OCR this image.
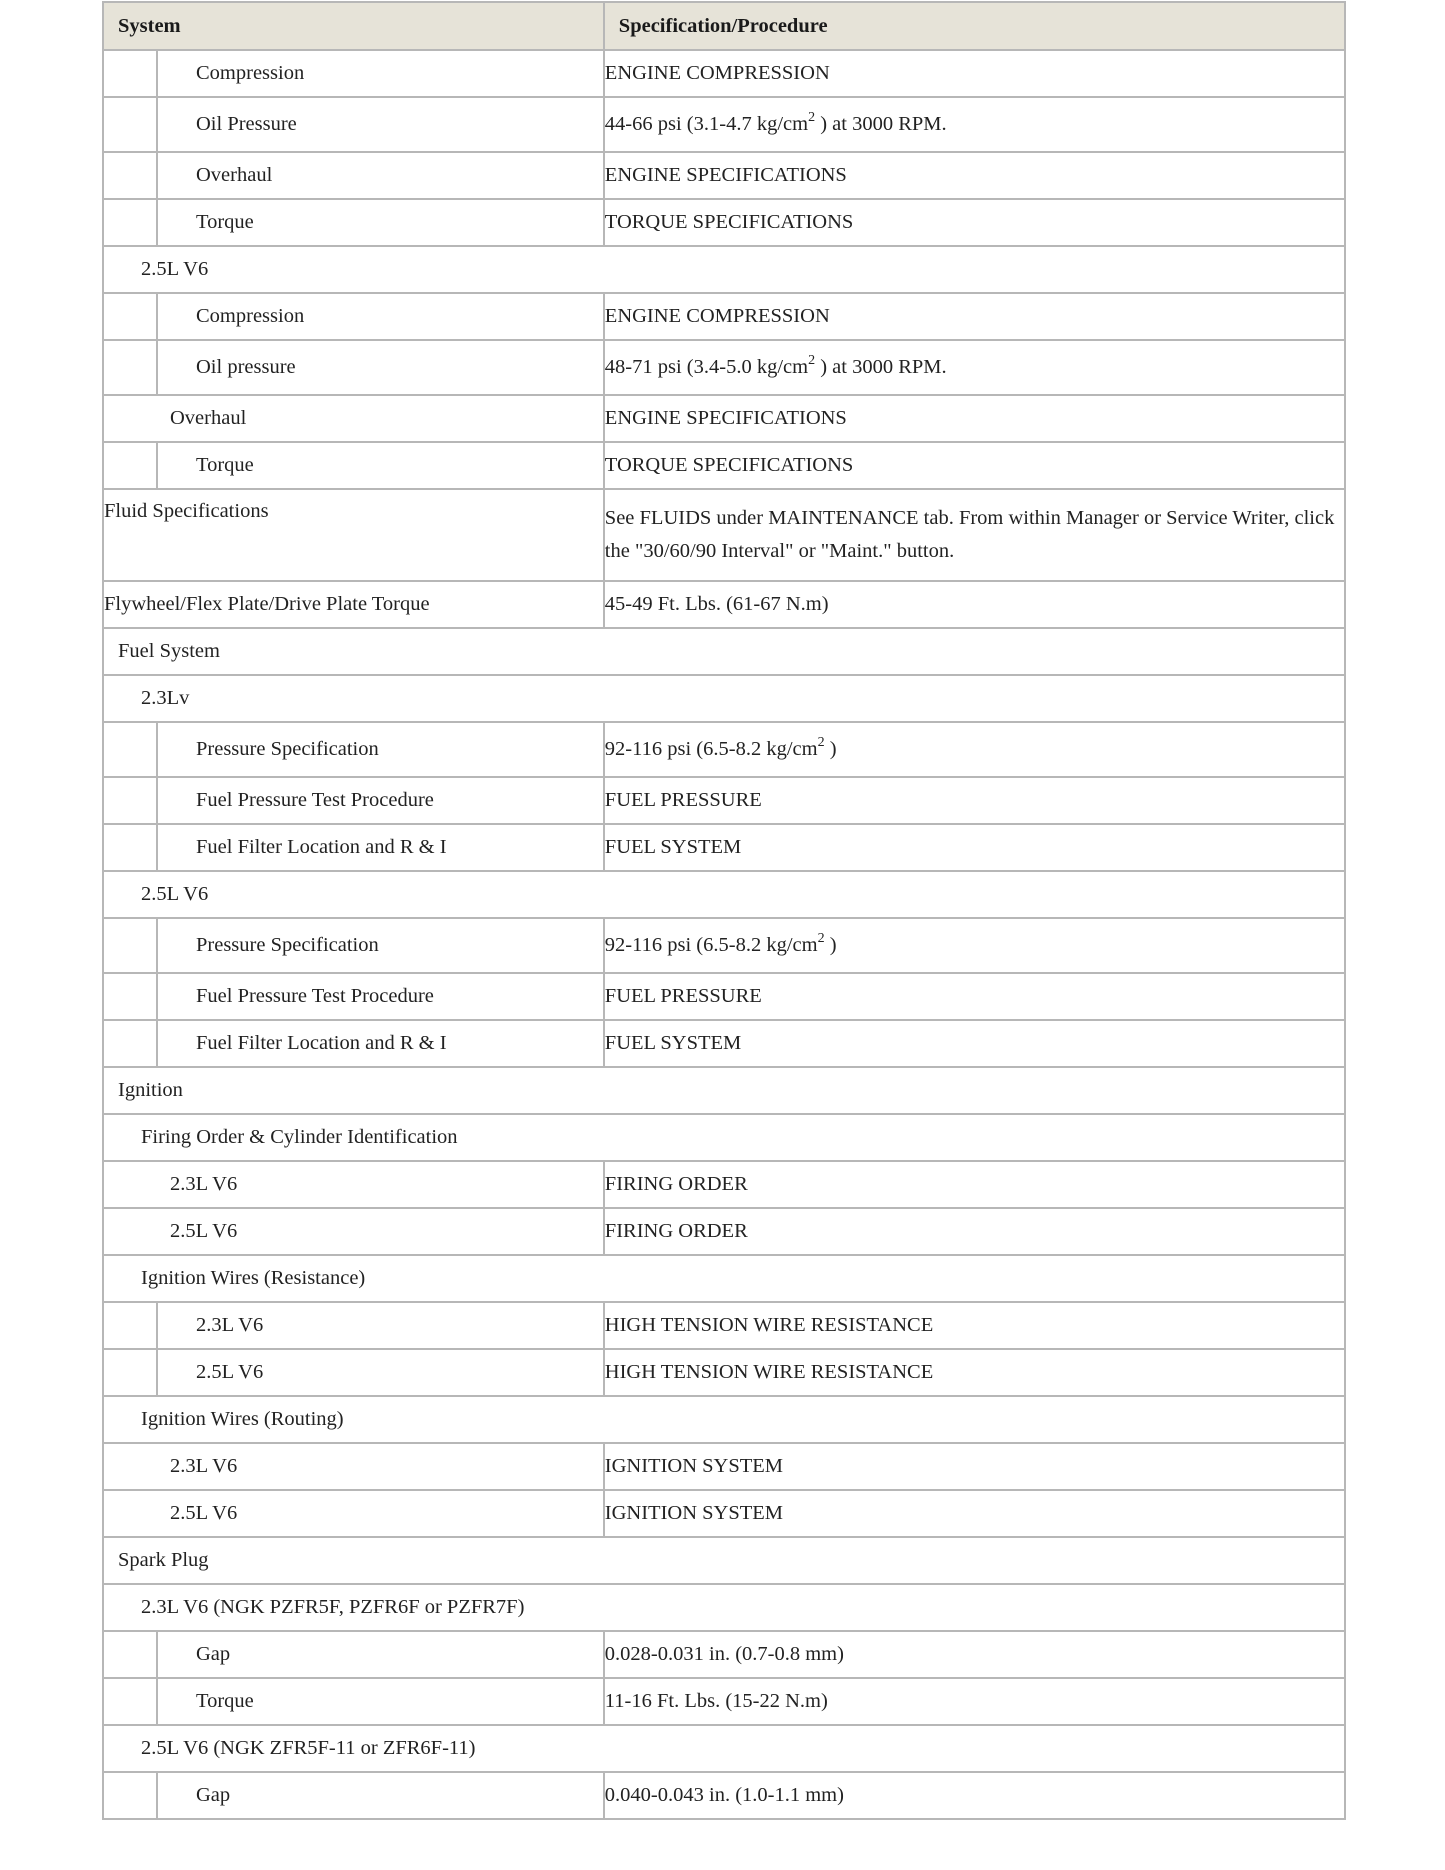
System	Specification/Procedure

Compression	ENGINE COMPRESSION

Oil Pressure	44-66 psi (3.1-4.7 $kg/cm^2$ ) at 3000 RPM.

Overhaul	ENGINE SPECIFICATIONS

Torque	TORQUE SPECIFICATIONS
2.5L V6	

Compression	ENGINE COMPRESSION

Oil pressure	48-71 psi (3.4-5.0 $kg/cm^2$ ) at 3000 RPM.

Overhaul	ENGINE SPECIFICATIONS

Torque	TORQUE SPECIFICATIONS
Fluid Specifications	See FLUIDS under MAINTENANCE tab. From within Manager or Service Writer, click the "30/60/90 Interval" or "Maint." button.
Flywheel/Flex Plate/Drive Plate Torque	45-49 Ft. Lbs. (61-67 N.m)
Fuel System	
2.3Lv	

Pressure Specification	92-116 psi (6.5-8.2 $kg/cm^2$ )

Fuel Pressure Test Procedure	FUEL PRESSURE

Fuel Filter Location and R & I	FUEL SYSTEM
2.5L V6	

Pressure Specification	92-116 psi (6.5-8.2 $kg/cm^2$ )

Fuel Pressure Test Procedure	FUEL PRESSURE

Fuel Filter Location and R & I	FUEL SYSTEM
Ignition	
Firing Order & Cylinder Identification	

2.3L V6	FIRING ORDER

2.5L V6	FIRING ORDER
Ignition Wires (Resistance)	

2.3L V6	HIGH TENSION WIRE RESISTANCE

2.5L V6	HIGH TENSION WIRE RESISTANCE
Ignition Wires (Routing)	

2.3L V6	IGNITION SYSTEM

2.5L V6	IGNITION SYSTEM
Spark Plug	
2.3L V6 (NGK PZFR5F, PZFR6F or PZFR7F)	

Gap	0.028-0.031 in. (0.7-0.8 mm)

Torque	11-16 Ft. Lbs. (15-22 N.m)
2.5L V6 (NGK ZFR5F-11 or ZFR6F-11)	

Gap	0.040-0.043 in. (1.0-1.1 mm)
